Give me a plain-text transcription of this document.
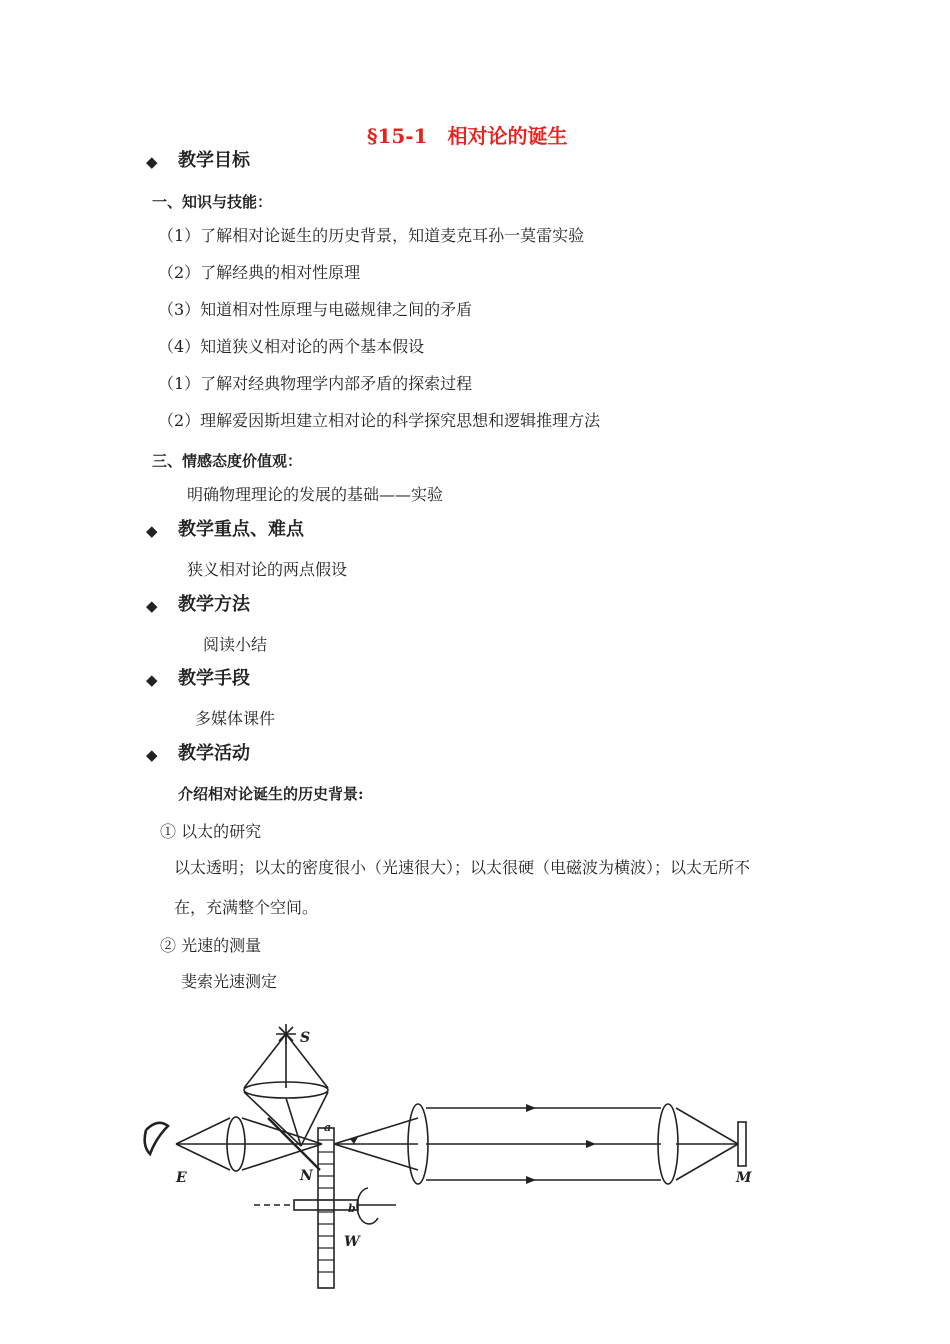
§15-1　相对论的诞生
◆ 教学目标
一、知识与技能：
（1）了解相对论诞生的历史背景，知道麦克耳孙一莫雷实验
（2）了解经典的相对性原理
（3）知道相对性原理与电磁规律之间的矛盾
（4）知道狭义相对论的两个基本假设
（1）了解对经典物理学内部矛盾的探索过程
（2）理解爱因斯坦建立相对论的科学探究思想和逻辑推理方法
三、情感态度价值观：
明确物理理论的发展的基础——实验
◆ 教学重点、难点
狭义相对论的两点假设
◆ 教学方法
阅读小结
◆ 教学手段
多媒体课件
◆ 教学活动
介绍相对论诞生的历史背景:
① 以太的研究
以太透明；以太的密度很小（光速很大）；以太很硬（电磁波为横波）；以太无所不
在，充满整个空间。
② 光速的测量
斐索光速测定
S
E	N
a
M
W
b
